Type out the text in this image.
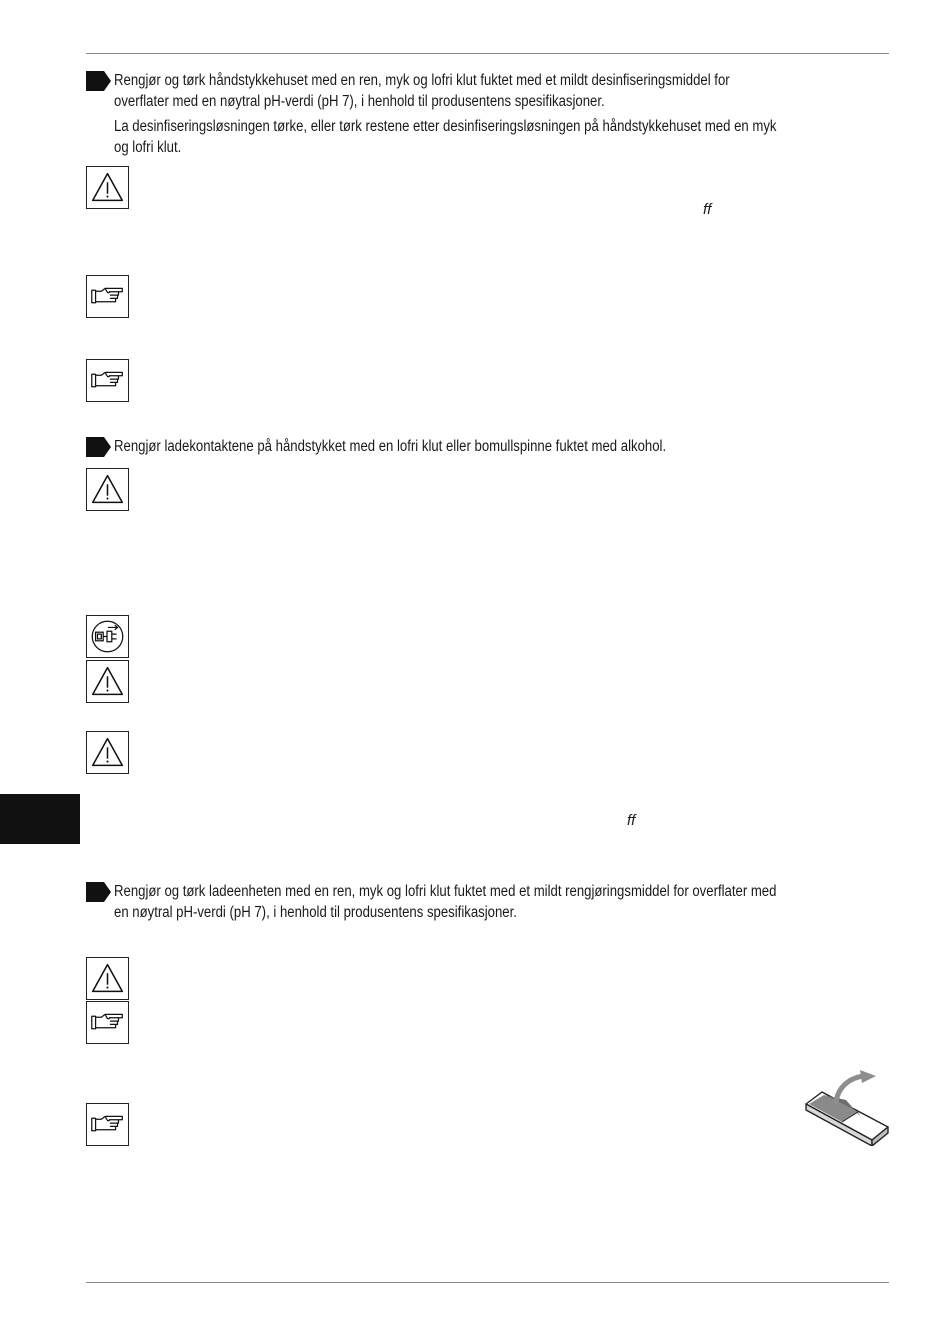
Rengjør og tørk håndstykkehuset med en ren, myk og lofri klut fuktet med et mildt desinfiseringsmiddel for
overflater med en nøytral pH-verdi (pH 7), i henhold til produsentens spesifikasjoner.
La desinfiseringsløsningen tørke, eller tørk restene etter desinfiseringsløsningen på håndstykkehuset med en myk
og lofri klut.
ff
Rengjør ladekontaktene på håndstykket med en lofri klut eller bomullspinne fuktet med alkohol.
ff
Rengjør og tørk ladeenheten med en ren, myk og lofri klut fuktet med et mildt rengjøringsmiddel for overflater med
en nøytral pH-verdi (pH 7), i henhold til produsentens spesifikasjoner.
